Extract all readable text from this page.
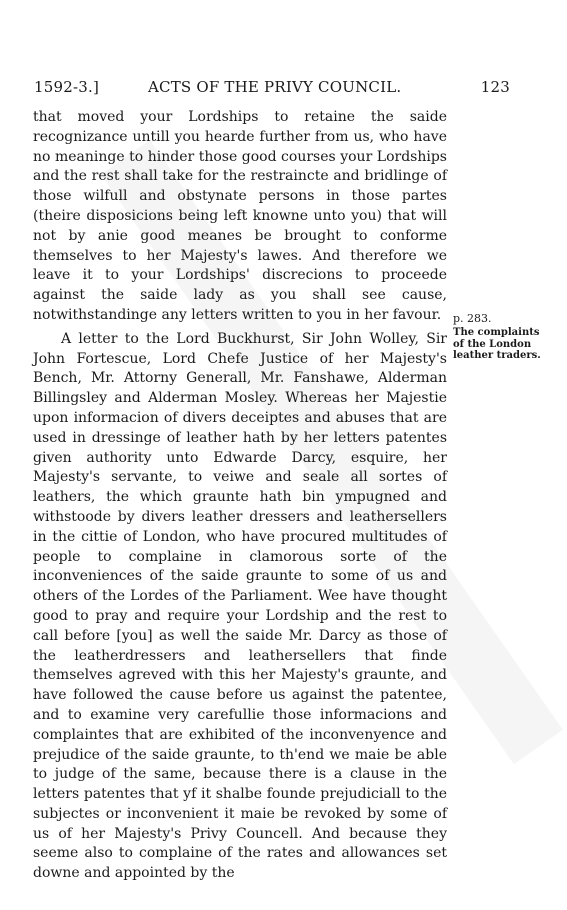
1592-3.]	ACTS OF THE PRIVY COUNCIL.	123

that moved your Lordships to retaine the saide recognizance untill you hearde further from us, who have no meaninge to hinder those good courses your Lordships and the rest shall take for the restraincte and bridlinge of those wilfull and obstynate persons in those partes (theire disposicions being left knowne unto you) that will not by anie good meanes be brought to conforme themselves to her Majesty's lawes. And therefore we leave it to your Lordships' discrecions to proceede against the saide lady as you shall see cause, notwithstandinge any letters written to you in her favour.

A letter to the Lord Buckhurst, Sir John Wolley, Sir John Fortescue, Lord Chefe Justice of her Majesty's Bench, Mr. Attorny Generall, Mr. Fanshawe, Alderman Billingsley and Alderman Mosley. Whereas her Majestie upon informacion of divers deceiptes and abuses that are used in dressinge of leather hath by her letters patentes given authority unto Edwarde Darcy, esquire, her Majesty's servante, to veiwe and seale all sortes of leathers, the which graunte hath bin ympugned and withstoode by divers leather dressers and leathersellers in the cittie of London, who have procured multitudes of people to complaine in clamorous sorte of the inconveniences of the saide graunte to some of us and others of the Lordes of the Parliament. Wee have thought good to pray and require your Lordship and the rest to call before [you] as well the saide Mr. Darcy as those of the leatherdressers and leathersellers that finde themselves agreved with this her Majesty's graunte, and have followed the cause before us against the patentee, and to examine very carefullie those informacions and complaintes that are exhibited of the inconvenyence and prejudice of the saide graunte, to th'end we maie be able to judge of the same, because there is a clause in the letters patentes that yf it shalbe founde prejudiciall to the subjectes or inconvenient it maie be revoked by some of us of her Majesty's Privy Councell. And because they seeme also to complaine of the rates and allowances set downe and appointed by the

p. 283.
The complaints of the London leather traders.
